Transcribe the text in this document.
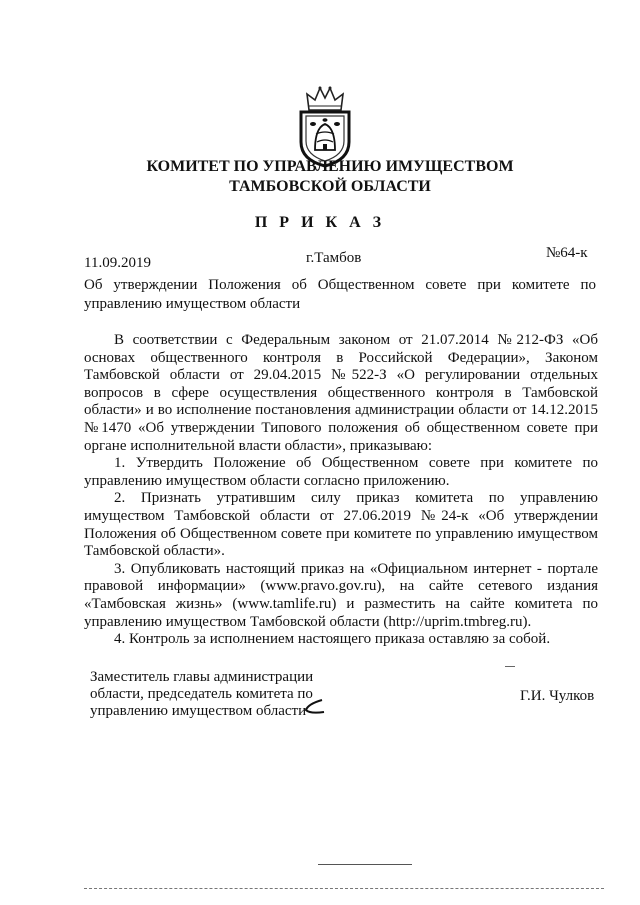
КОМИТЕТ ПО УПРАВЛЕНИЮ ИМУЩЕСТВОМ
ТАМБОВСКОЙ ОБЛАСТИ
П Р И К А З
11.09.2019	г.Тамбов	№64-к
Об утверждении Положения об Общественном совете при комитете по управлению имуществом области

В соответствии с Федеральным законом от 21.07.2014 №212-ФЗ «Об основах общественного контроля в Российской Федерации», Законом Тамбовской области от 29.04.2015 №522-З «О регулировании отдельных вопросов в сфере осуществления общественного контроля в Тамбовской области» и во исполнение постановления администрации области от 14.12.2015 №1470 «Об утверждении Типового положения об общественном совете при органе исполнительной власти области», приказываю:

1. Утвердить Положение об Общественном совете при комитете по управлению имуществом области согласно приложению.

2. Признать утратившим силу приказ комитета по управлению имуществом Тамбовской области от 27.06.2019 №24-к «Об утверждении Положения об Общественном совете при комитете по управлению имуществом Тамбовской области».

3. Опубликовать настоящий приказ на «Официальном интернет - портале правовой информации» (www.pravo.gov.ru), на сайте сетевого издания «Тамбовская жизнь» (www.tamlife.ru) и разместить на сайте комитета по управлению имуществом Тамбовской области (http://uprim.tmbreg.ru).

4. Контроль за исполнением настоящего приказа оставляю за собой.

Заместитель главы администрации
области, председатель комитета по
управлению имуществом области
Г.И. Чулков
